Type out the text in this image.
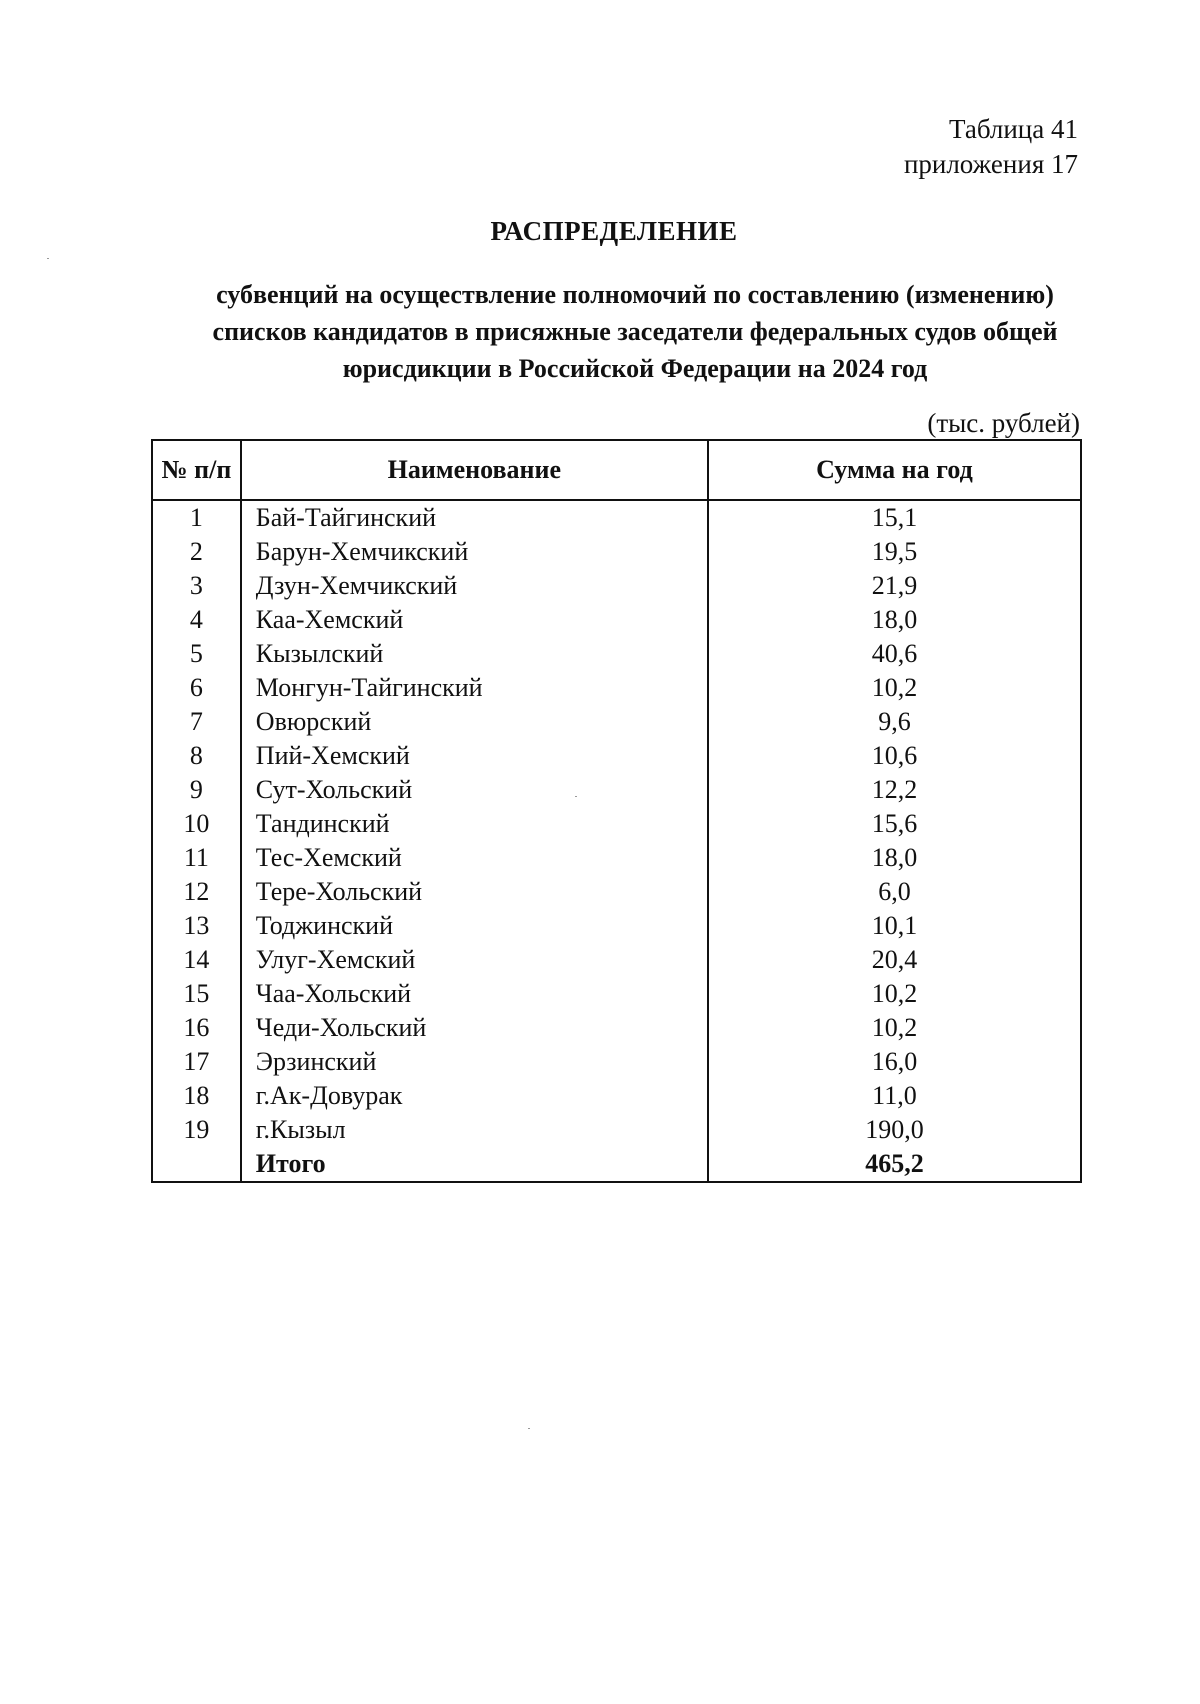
Таблица 41
приложения 17
РАСПРЕДЕЛЕНИЕ
субвенций на осуществление полномочий по составлению (изменению)
списков кандидатов в присяжные заседатели федеральных судов общей
юрисдикции в Российской Федерации на 2024 год
(тыс. рублей)
№ п/п	Наименование	Сумма на год
1	Бай-Тайгинский	15,1
2	Барун-Хемчикский	19,5
3	Дзун-Хемчикский	21,9
4	Каа-Хемский	18,0
5	Кызылский	40,6
6	Монгун-Тайгинский	10,2
7	Овюрский	9,6
8	Пий-Хемский	10,6
9	Сут-Хольский	12,2
10	Тандинский	15,6
11	Тес-Хемский	18,0
12	Тере-Хольский	6,0
13	Тоджинский	10,1
14	Улуг-Хемский	20,4
15	Чаа-Хольский	10,2
16	Чеди-Хольский	10,2
17	Эрзинский	16,0
18	г.Ак-Довурак	11,0
19	г.Кызыл	190,0
	Итого	465,2
